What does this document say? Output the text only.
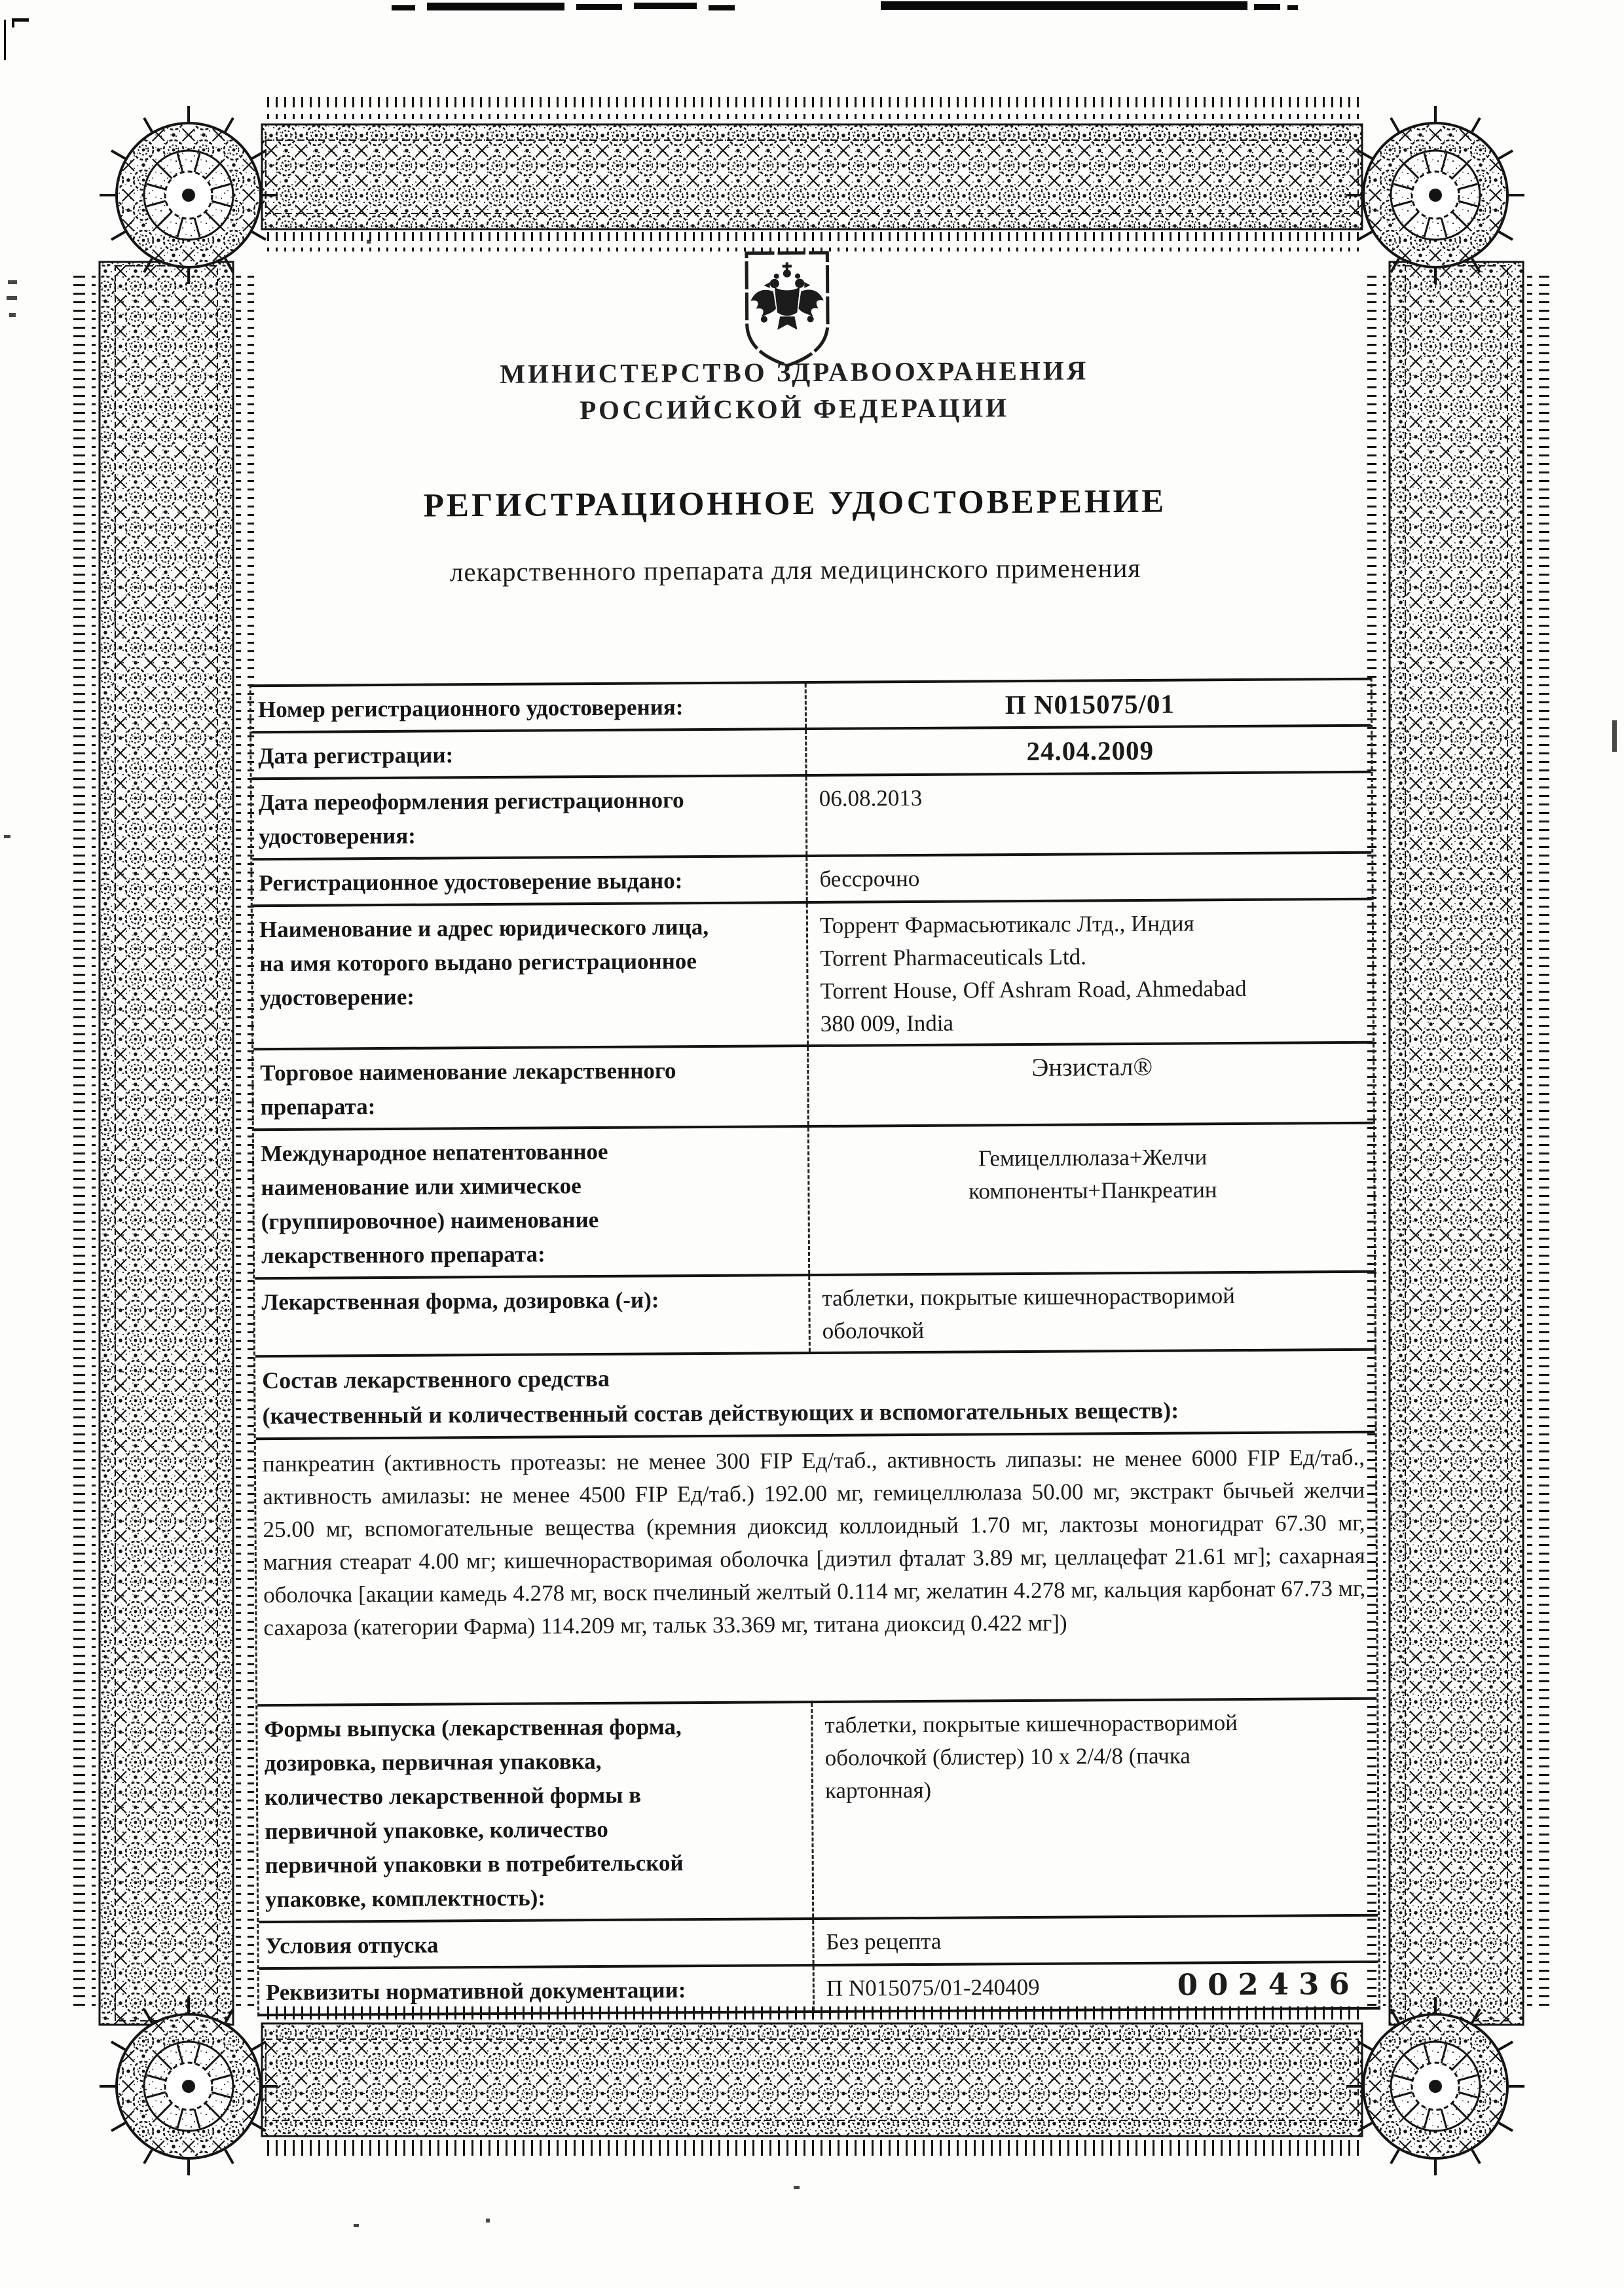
МИНИСТЕРСТВО ЗДРАВООХРАНЕНИЯ
РОССИЙСКОЙ ФЕДЕРАЦИИ
РЕГИСТРАЦИОННОЕ УДОСТОВЕРЕНИЕ
лекарственного препарата для медицинского применения
Номер регистрационного удостоверения:	П N015075/01
Дата регистрации:	24.04.2009
Дата переоформления регистрационного
удостоверения:
06.08.2013
Регистрационное удостоверение выдано:	бессрочно
Наименование и адрес юридического лица,
на имя которого выдано регистрационное
удостоверение:
Торрент Фармасьютикалс Лтд., Индия
Torrent Pharmaceuticals Ltd.
Torrent House, Off Ashram Road, Ahmedabad
380 009, India
Торговое наименование лекарственного
препарата:
Энзистал®
Международное непатентованное
наименование или химическое
(группировочное) наименование
лекарственного препарата:
Гемицеллюлаза+Желчи
компоненты+Панкреатин
Лекарственная форма, дозировка (-и):	таблетки, покрытые кишечнорастворимой
оболочкой
Состав лекарственного средства
(качественный и количественный состав действующих и вспомогательных веществ):
панкреатин (активность протеазы: не менее 300 FIP Ед/таб., активность липазы: не менее 6000 FIP Ед/таб., активность амилазы: не менее 4500 FIP Ед/таб.) 192.00 мг, гемицеллюлаза 50.00 мг, экстракт бычьей желчи 25.00 мг, вспомогательные вещества (кремния диоксид коллоидный 1.70 мг, лактозы моногидрат 67.30 мг, магния стеарат 4.00 мг; кишечнорастворимая оболочка [диэтил фталат 3.89 мг, целлацефат 21.61 мг]; сахарная оболочка [акации камедь 4.278 мг, воск пчелиный желтый 0.114 мг, желатин 4.278 мг, кальция карбонат 67.73 мг, сахароза (категории Фарма) 114.209 мг, тальк 33.369 мг, титана диоксид 0.422 мг])
Формы выпуска (лекарственная форма,
дозировка, первичная упаковка,
количество лекарственной формы в
первичной упаковке, количество
первичной упаковки в потребительской
упаковке, комплектность):
таблетки, покрытые кишечнорастворимой
оболочкой (блистер) 10 х 2/4/8 (пачка
картонная)
Условия отпуска	Без рецепта
Реквизиты нормативной документации:	П N015075/01-240409	002436
